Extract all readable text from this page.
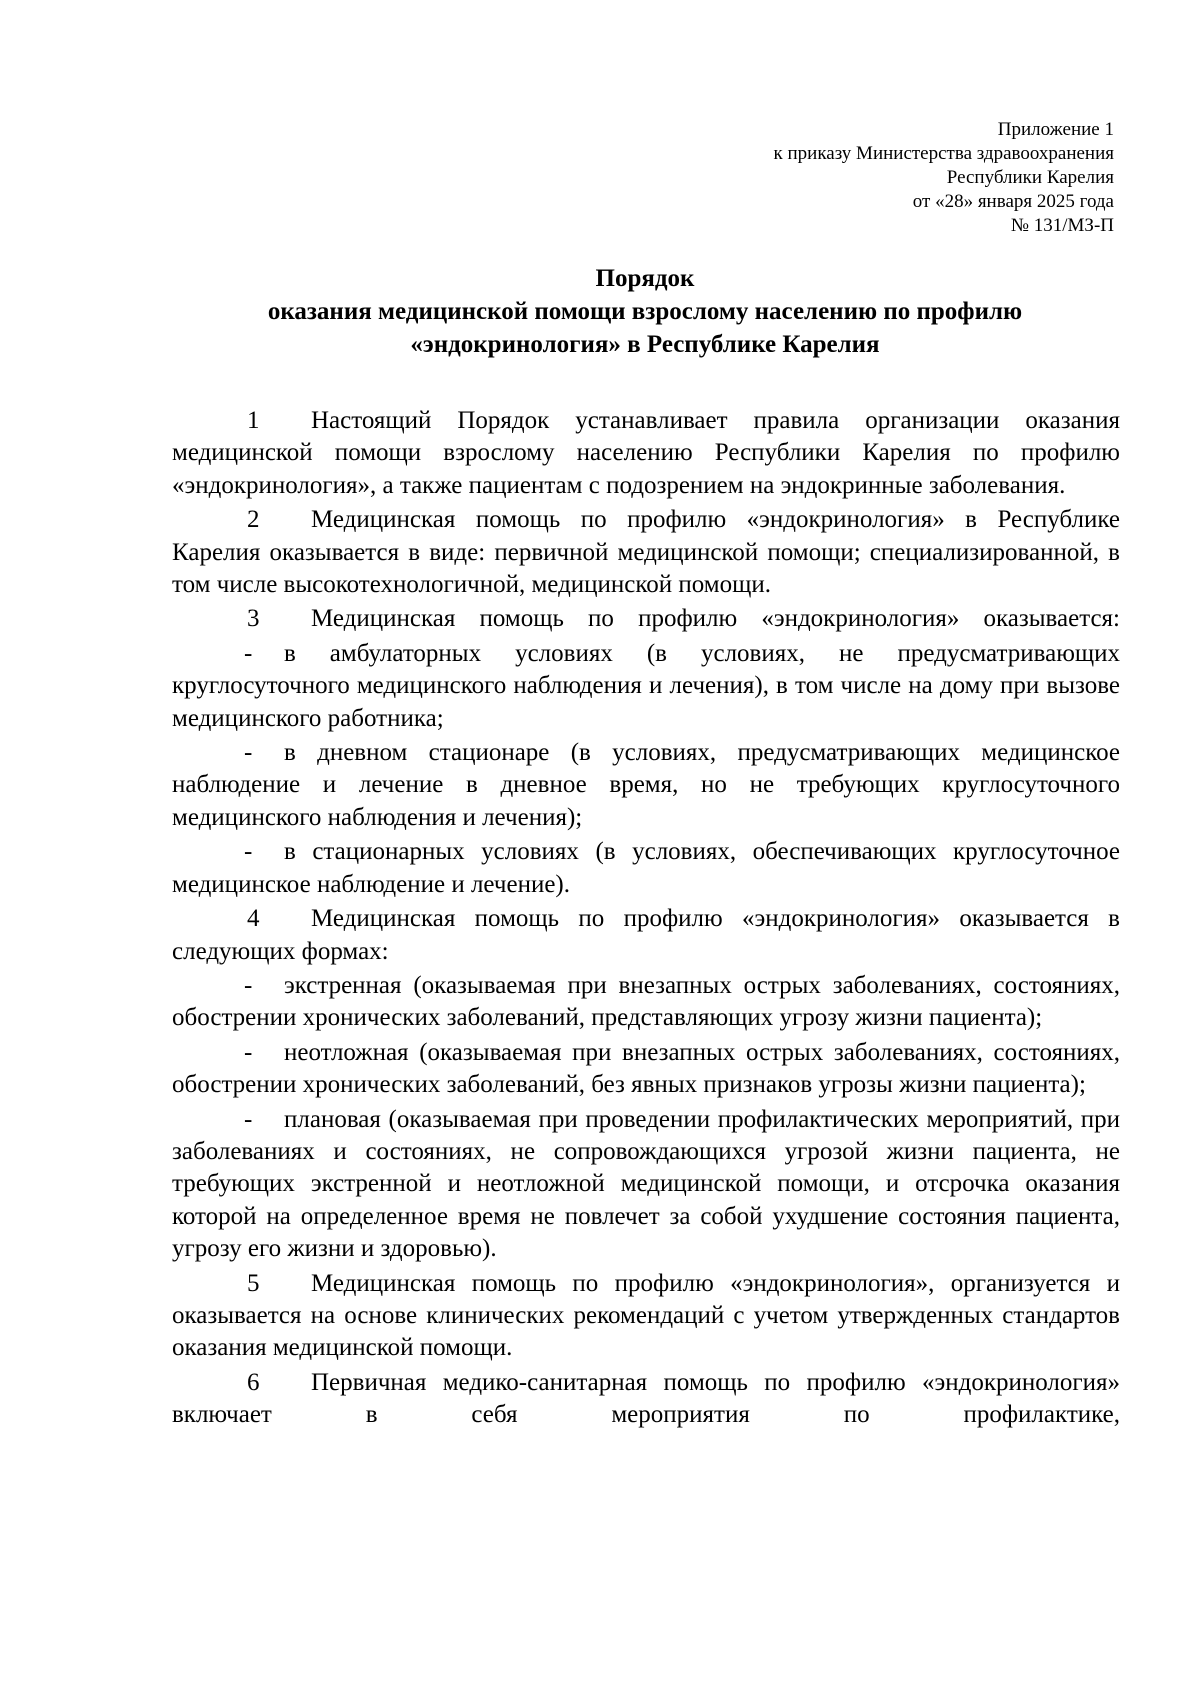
Приложение 1
к приказу Министерства здравоохранения
Республики Карелия
от «28» января 2025 года
№ 131/МЗ-П
Порядок
оказания медицинской помощи взрослому населению по профилю
«эндокринология» в Республике Карелия

1 Настоящий Порядок устанавливает правила организации оказания медицинской помощи взрослому населению Республики Карелия по профилю «эндокринология», а также пациентам с подозрением на эндокринные заболевания.

2 Медицинская помощь по профилю «эндокринология» в Республике Карелия оказывается в виде: первичной медицинской помощи; специализированной, в том числе высокотехнологичной, медицинской помощи.

3 Медицинская помощь по профилю «эндокринология» оказывается:

- в амбулаторных условиях (в условиях, не предусматривающих круглосуточного медицинского наблюдения и лечения), в том числе на дому при вызове медицинского работника;

- в дневном стационаре (в условиях, предусматривающих медицинское наблюдение и лечение в дневное время, но не требующих круглосуточного медицинского наблюдения и лечения);

- в стационарных условиях (в условиях, обеспечивающих круглосуточное медицинское наблюдение и лечение).

4 Медицинская помощь по профилю «эндокринология» оказывается в следующих формах:

- экстренная (оказываемая при внезапных острых заболеваниях, состояниях, обострении хронических заболеваний, представляющих угрозу жизни пациента);

- неотложная (оказываемая при внезапных острых заболеваниях, состояниях, обострении хронических заболеваний, без явных признаков угрозы жизни пациента);

- плановая (оказываемая при проведении профилактических мероприятий, при заболеваниях и состояниях, не сопровождающихся угрозой жизни пациента, не требующих экстренной и неотложной медицинской помощи, и отсрочка оказания которой на определенное время не повлечет за собой ухудшение состояния пациента, угрозу его жизни и здоровью).

5 Медицинская помощь по профилю «эндокринология», организуется и оказывается на основе клинических рекомендаций с учетом утвержденных стандартов оказания медицинской помощи.

6 Первичная медико-санитарная помощь по профилю «эндокринология» включает в себя мероприятия по профилактике,
